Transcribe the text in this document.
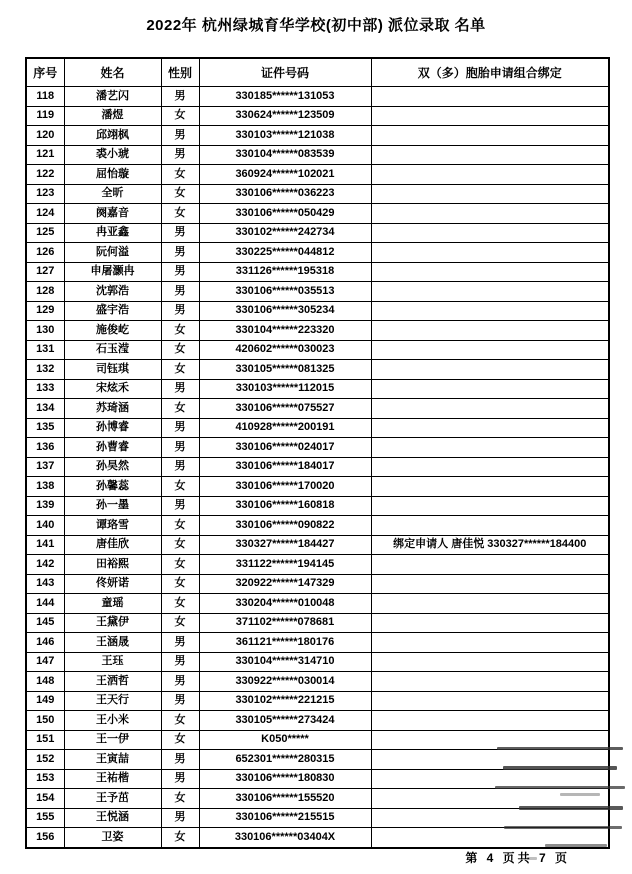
2022年 杭州绿城育华学校(初中部) 派位录取 名单
序号	姓名	性别	证件号码	双（多）胞胎申请组合绑定
118	潘艺闪	男	330185******131053	
119	潘煜	女	330624******123509	
120	邱翊枫	男	330103******121038	
121	裘小琥	男	330104******083539	
122	屈怡璇	女	360924******102021	
123	全昕	女	330106******036223	
124	阕嘉音	女	330106******050429	
125	冉亚鑫	男	330102******242734	
126	阮何溢	男	330225******044812	
127	申屠灏冉	男	331126******195318	
128	沈郭浩	男	330106******035513	
129	盛宇浩	男	330106******305234	
130	施俊屹	女	330104******223320	
131	石玉滢	女	420602******030023	
132	司钰琪	女	330105******081325	
133	宋炫禾	男	330103******112015	
134	苏琦涵	女	330106******075527	
135	孙博睿	男	410928******200191	
136	孙曹睿	男	330106******024017	
137	孙昊然	男	330106******184017	
138	孙馨蕊	女	330106******170020	
139	孙一墨	男	330106******160818	
140	谭珞雪	女	330106******090822	
141	唐佳欣	女	330327******184427	绑定申请人 唐佳悦 330327******184400
142	田裕熙	女	331122******194145	
143	佟妍诺	女	320922******147329	
144	童瑶	女	330204******010048	
145	王黛伊	女	371102******078681	
146	王涵晟	男	361121******180176	
147	王珏	男	330104******314710	
148	王洒哲	男	330922******030014	
149	王天行	男	330102******221215	
150	王小米	女	330105******273424	
151	王一伊	女	K050*****	
152	王寅喆	男	652301******280315	
153	王祐楷	男	330106******180830	
154	王予茁	女	330106******155520	
155	王悦涵	男	330106******215515	
156	卫姿	女	330106******03404X	
第 4 页共 7 页
